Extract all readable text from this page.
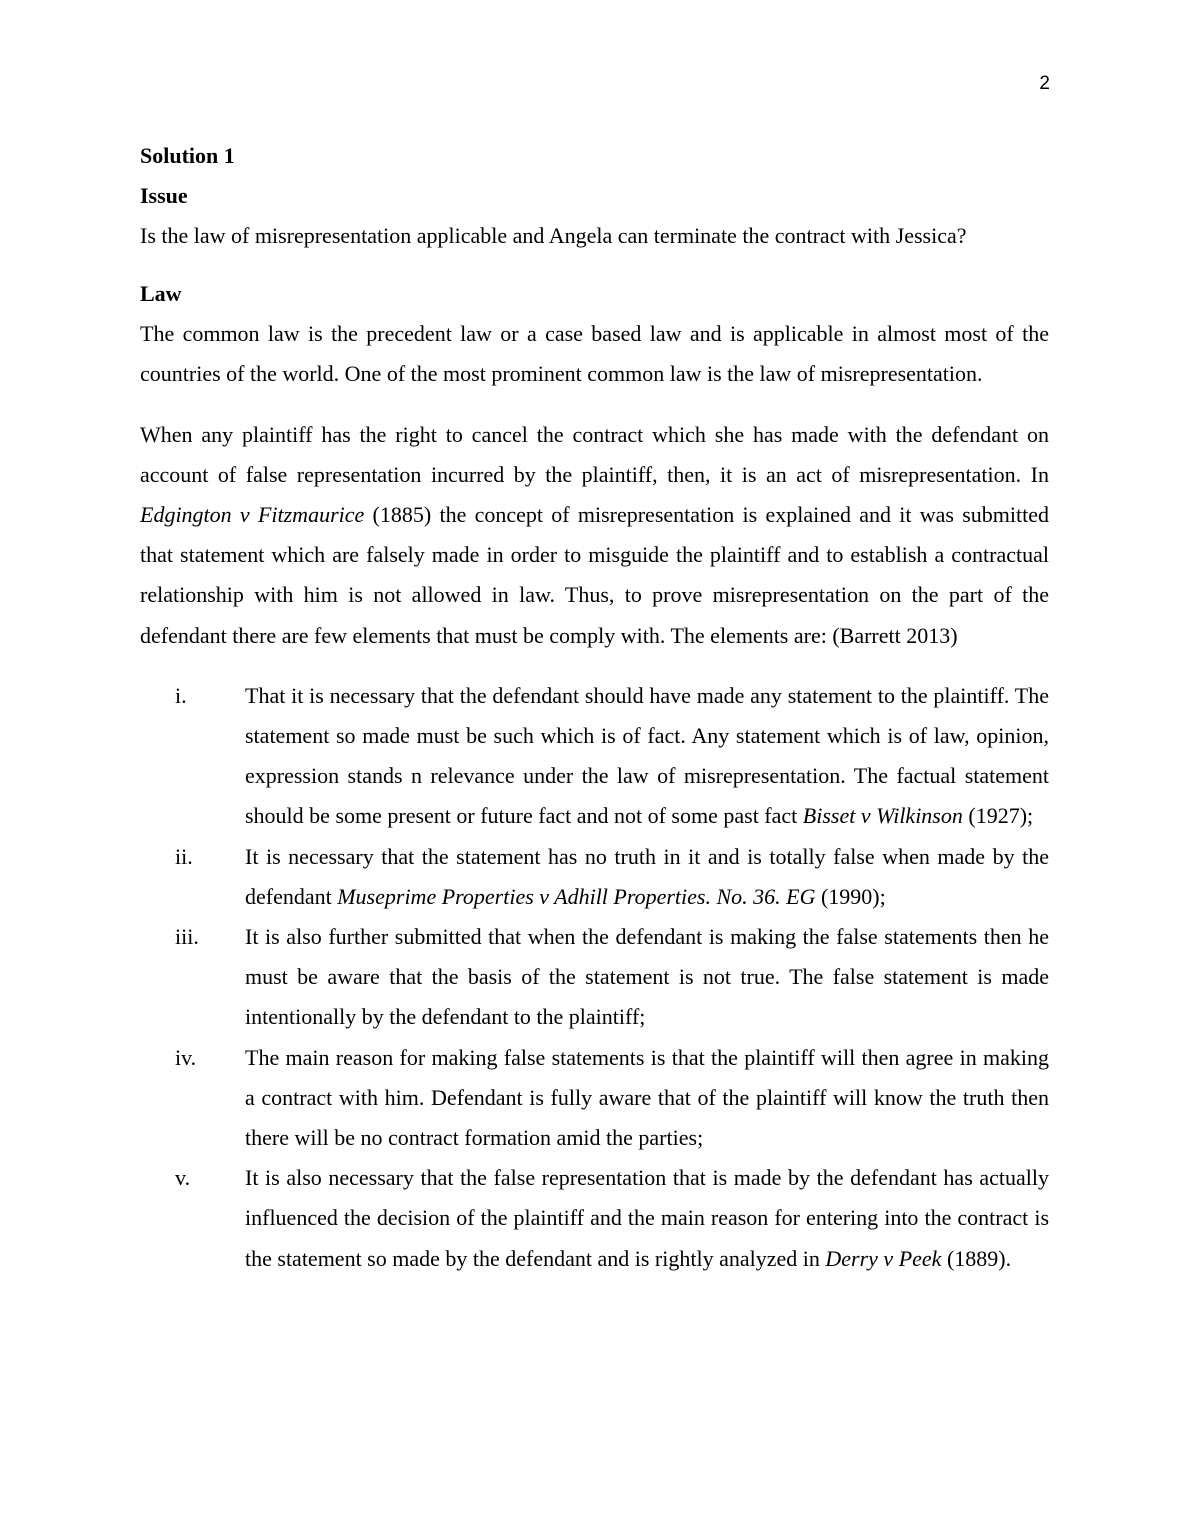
2

Solution 1

Issue

Is the law of misrepresentation applicable and Angela can terminate the contract with Jessica?

Law

The common law is the precedent law or a case based law and is applicable in almost most of the countries of the world. One of the most prominent common law is the law of misrepresentation.

When any plaintiff has the right to cancel the contract which she has made with the defendant on account of false representation incurred by the plaintiff, then, it is an act of misrepresentation. In Edgington v Fitzmaurice (1885) the concept of misrepresentation is explained and it was submitted that statement which are falsely made in order to misguide the plaintiff and to establish a contractual relationship with him is not allowed in law. Thus, to prove misrepresentation on the part of the defendant there are few elements that must be comply with. The elements are: (Barrett 2013)

i.	That it is necessary that the defendant should have made any statement to the plaintiff. The statement so made must be such which is of fact. Any statement which is of law, opinion, expression stands n relevance under the law of misrepresentation. The factual statement should be some present or future fact and not of some past fact Bisset v Wilkinson (1927);
ii. It is necessary that the statement has no truth in it and is totally false when made by the defendant Museprime Properties v Adhill Properties. No. 36. EG (1990);
iii. It is also further submitted that when the defendant is making the false statements then he must be aware that the basis of the statement is not true. The false statement is made intentionally by the defendant to the plaintiff;
iv. The main reason for making false statements is that the plaintiff will then agree in making a contract with him. Defendant is fully aware that of the plaintiff will know the truth then there will be no contract formation amid the parties;
v. It is also necessary that the false representation that is made by the defendant has actually influenced the decision of the plaintiff and the main reason for entering into the contract is the statement so made by the defendant and is rightly analyzed in Derry v Peek (1889).
